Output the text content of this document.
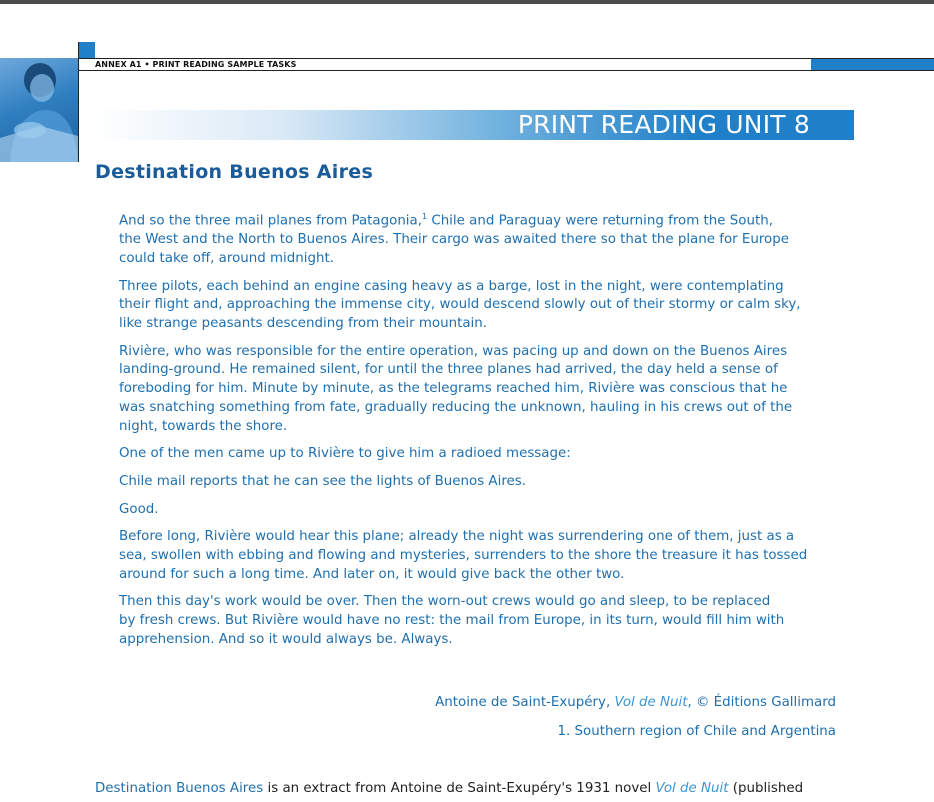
ANNEX A1 • PRINT READING SAMPLE TASKS
PRINT READING UNIT 8
Destination Buenos Aires

And so the three mail planes from Patagonia,$^1$ Chile and Paraguay were returning from the South,
the West and the North to Buenos Aires. Their cargo was awaited there so that the plane for Europe
could take off, around midnight.

Three pilots, each behind an engine casing heavy as a barge, lost in the night, were contemplating
their flight and, approaching the immense city, would descend slowly out of their stormy or calm sky,
like strange peasants descending from their mountain.

Rivière, who was responsible for the entire operation, was pacing up and down on the Buenos Aires
landing-ground. He remained silent, for until the three planes had arrived, the day held a sense of
foreboding for him. Minute by minute, as the telegrams reached him, Rivière was conscious that he
was snatching something from fate, gradually reducing the unknown, hauling in his crews out of the
night, towards the shore.

One of the men came up to Rivière to give him a radioed message:

Chile mail reports that he can see the lights of Buenos Aires.

Good.

Before long, Rivière would hear this plane; already the night was surrendering one of them, just as a
sea, swollen with ebbing and flowing and mysteries, surrenders to the shore the treasure it has tossed
around for such a long time. And later on, it would give back the other two.

Then this day's work would be over. Then the worn-out crews would go and sleep, to be replaced
by fresh crews. But Rivière would have no rest: the mail from Europe, in its turn, would fill him with
apprehension. And so it would always be. Always.

Antoine de Saint-Exupéry, Vol de Nuit, © Éditions Gallimard
1. Southern region of Chile and Argentina
Destination Buenos Aires is an extract from Antoine de Saint-Exupéry's 1931 novel Vol de Nuit (published
